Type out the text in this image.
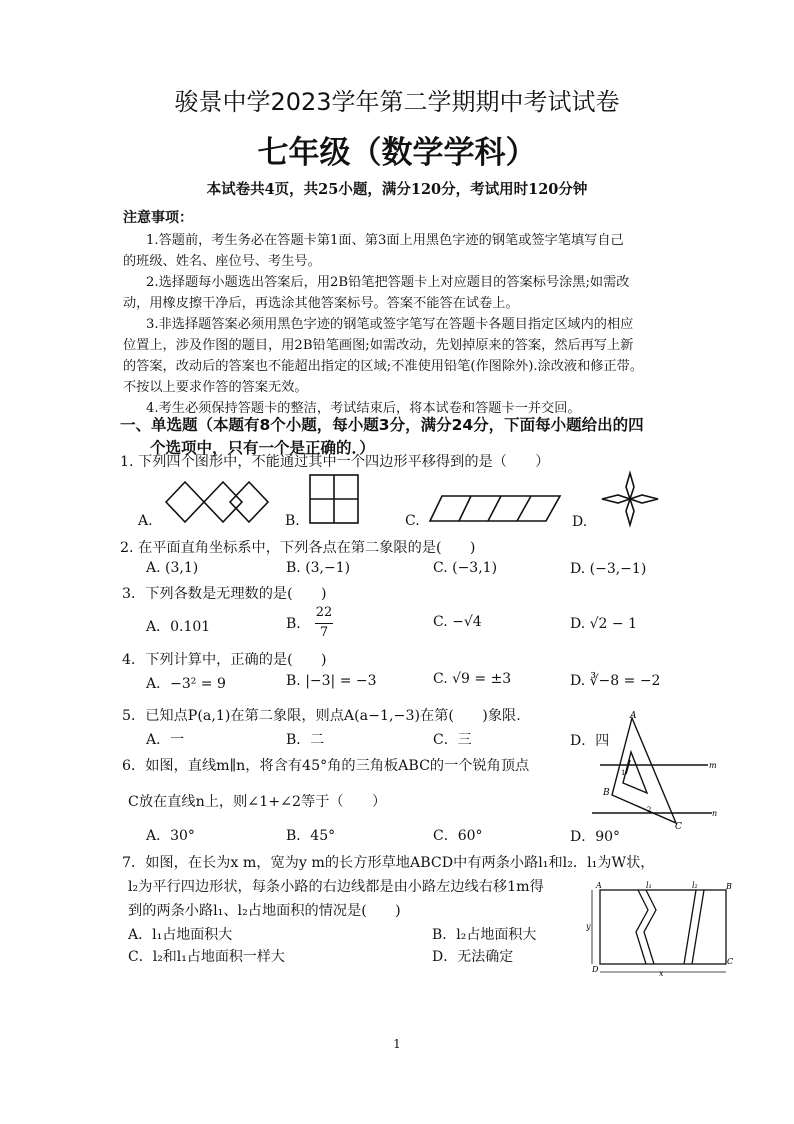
骏景中学2023学年第二学期期中考试试卷
七年级（数学学科）
本试卷共4页，共25小题，满分120分，考试用时120分钟
注意事项：
1.答题前，考生务必在答题卡第1面、第3面上用黑色字迹的钢笔或签字笔填写自己
的班级、姓名、座位号、考生号。
2.选择题每小题选出答案后，用2B铅笔把答题卡上对应题目的答案标号涂黑;如需改
动，用橡皮擦干净后，再选涂其他答案标号。答案不能答在试卷上。
3.非选择题答案必须用黑色字迹的钢笔或签字笔写在答题卡各题目指定区域内的相应
位置上，涉及作图的题目，用2B铅笔画图;如需改动，先划掉原来的答案，然后再写上新
的答案，改动后的答案也不能超出指定的区域;不准使用铅笔(作图除外).涂改液和修正带。
不按以上要求作答的答案无效。
4.考生必须保持答题卡的整洁，考试结束后，将本试卷和答题卡一并交回。
一、单选题（本题有8个小题，每小题3分，满分24分，下面每小题给出的四
个选项中，只有一个是正确的．）
1. 下列四个图形中，不能通过其中一个四边形平移得到的是（　　）
A.	B.	C.	D.
2. 在平面直角坐标系中，下列各点在第二象限的是(　　)
A. (3,1)	B. (3,−1)	C. (−3,1)	D. (−3,−1)
3．下列各数是无理数的是(　　)
A．0.101	B.
22
7
C. −√4	D. √2 − 1
4．下列计算中，正确的是(　　)
A．−3² = 9	B. |−3| = −3	C. √9 = ±3	D. ∛−8 = −2
5．已知点P(a,1)在第二象限，则点A(a−1,−3)在第(　　)象限.
A．一	B．二	C．三	D．四
6．如图，直线m∥n，将含有45°角的三角板ABC的一个锐角顶点
C放在直线n上，则∠1+∠2等于（　　）
A．30°	B．45°	C．60°	D．90°
A
B
C
m
n
1
2
7．如图，在长为x m，宽为y m的长方形草地ABCD中有两条小路l₁和l₂．l₁为W状，
l₂为平行四边形状，每条小路的右边线都是由小路左边线右移1m得
到的两条小路l₁、l₂占地面积的情况是(　　)
A．l₁占地面积大	B．l₂占地面积大
C．l₂和l₁占地面积一样大	D．无法确定
A	B
C
D	x
y
l₁	l₂
1
